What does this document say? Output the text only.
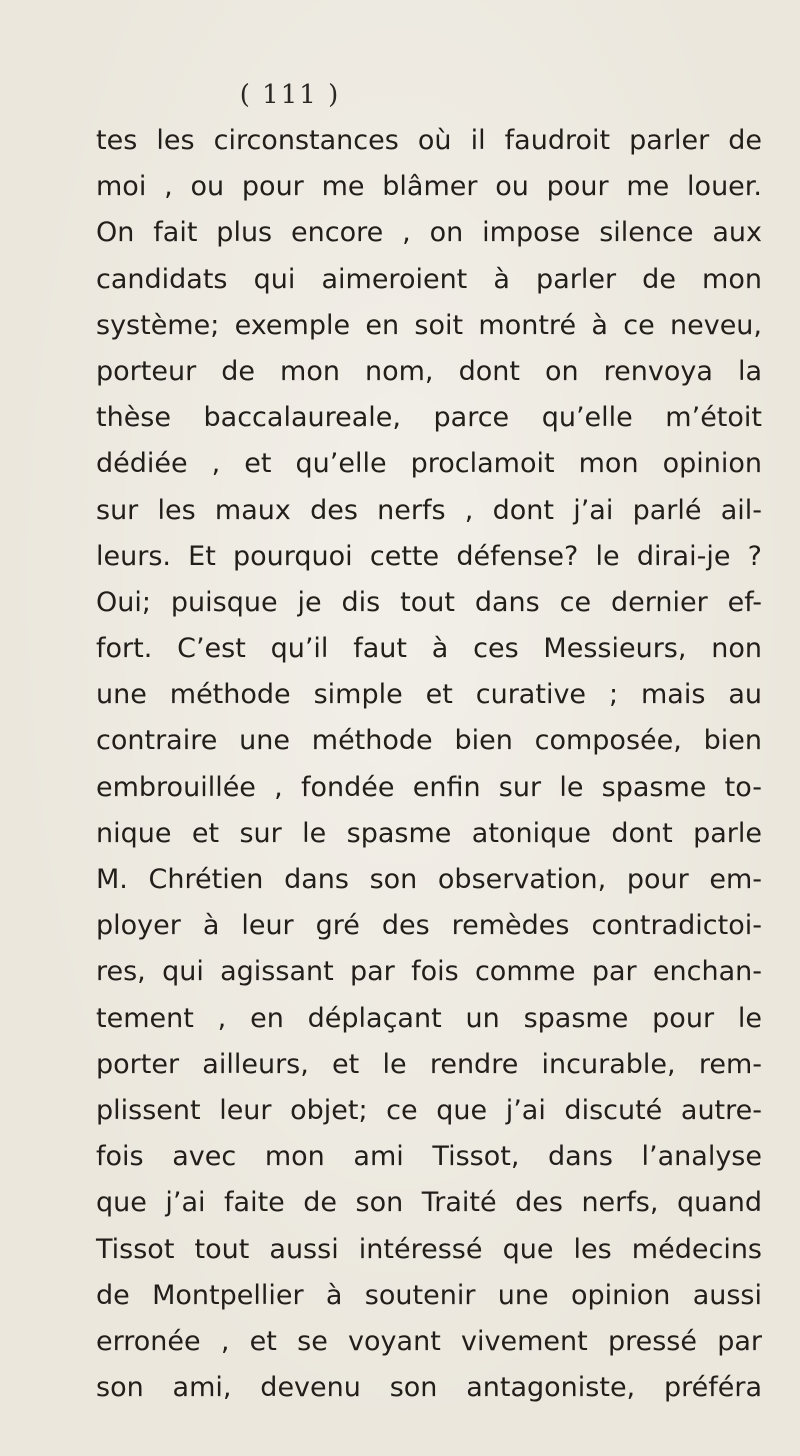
( 111 )
tes les circonstances où il faudroit parler de
moi , ou pour me blâmer ou pour me louer.
On fait plus encore , on impose silence aux
candidats qui aimeroient à parler de mon
système; exemple en soit montré à ce neveu,
porteur de mon nom, dont on renvoya la
thèse baccalaureale, parce qu’elle m’étoit
dédiée , et qu’elle proclamoit mon opinion
sur les maux des nerfs , dont j’ai parlé ail-
leurs. Et pourquoi cette défense? le dirai-je ?
Oui; puisque je dis tout dans ce dernier ef-
fort. C’est qu’il faut à ces Messieurs, non
une méthode simple et curative ; mais au
contraire une méthode bien composée, bien
embrouillée , fondée enfin sur le spasme to-
nique et sur le spasme atonique dont parle
M. Chrétien dans son observation, pour em-
ployer à leur gré des remèdes contradictoi-
res, qui agissant par fois comme par enchan-
tement , en déplaçant un spasme pour le
porter ailleurs, et le rendre incurable, rem-
plissent leur objet; ce que j’ai discuté autre-
fois avec mon ami Tissot, dans l’analyse
que j’ai faite de son Traité des nerfs, quand
Tissot tout aussi intéressé que les médecins
de Montpellier à soutenir une opinion aussi
erronée , et se voyant vivement pressé par
son ami, devenu son antagoniste, préféra
